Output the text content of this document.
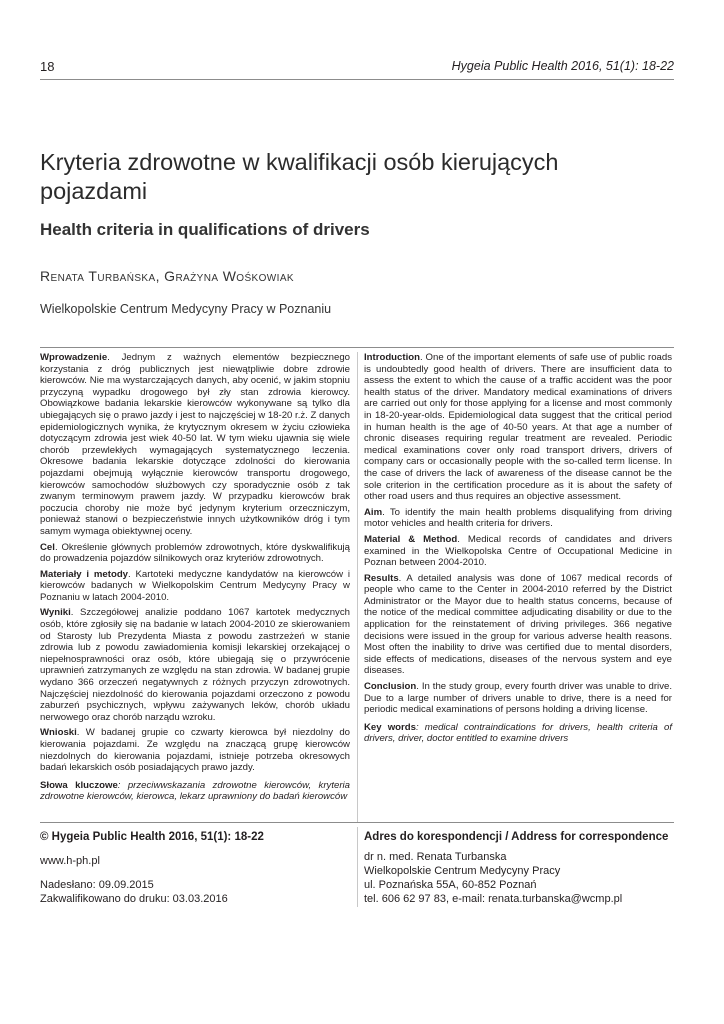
18	Hygeia Public Health 2016, 51(1): 18-22
Kryteria zdrowotne w kwalifikacji osób kierujących pojazdami
Health criteria in qualifications of drivers
Renata Turbańska, Grażyna Wośkowiak
Wielkopolskie Centrum Medycyny Pracy w Poznaniu

Wprowadzenie. Jednym z ważnych elementów bezpiecznego korzystania z dróg publicznych jest niewątpliwie dobre zdrowie kierowców. Nie ma wystarczających danych, aby ocenić, w jakim stopniu przyczyną wypadku drogowego był zły stan zdrowia kierowcy. Obowiązkowe badania lekarskie kierowców wykonywane są tylko dla ubiegających się o prawo jazdy i jest to najczęściej w 18-20 r.ż. Z danych epidemiologicznych wynika, że krytycznym okresem w życiu człowieka dotyczącym zdrowia jest wiek 40-50 lat. W tym wieku ujawnia się wiele chorób przewlekłych wymagających systematycznego leczenia. Okresowe badania lekarskie dotyczące zdolności do kierowania pojazdami obejmują wyłącznie kierowców transportu drogowego, kierowców samochodów służbowych czy sporadycznie osób z tak zwanym terminowym prawem jazdy. W przypadku kierowców brak poczucia choroby nie może być jedynym kryterium orzeczniczym, ponieważ stanowi o bezpieczeństwie innych użytkowników dróg i tym samym wymaga obiektywnej oceny.

Cel. Określenie głównych problemów zdrowotnych, które dyskwalifikują do prowadzenia pojazdów silnikowych oraz kryteriów zdrowotnych.

Materiały i metody. Kartoteki medyczne kandydatów na kierowców i kierowców badanych w Wielkopolskim Centrum Medycyny Pracy w Poznaniu w latach 2004-2010.

Wyniki. Szczegółowej analizie poddano 1067 kartotek medycznych osób, które zgłosiły się na badanie w latach 2004-2010 ze skierowaniem od Starosty lub Prezydenta Miasta z powodu zastrzeżeń w stanie zdrowia lub z powodu zawiadomienia komisji lekarskiej orzekającej o niepełnosprawności oraz osób, które ubiegają się o przywrócenie uprawnień zatrzymanych ze względu na stan zdrowia. W badanej grupie wydano 366 orzeczeń negatywnych z różnych przyczyn zdrowotnych. Najczęściej niezdolność do kierowania pojazdami orzeczono z powodu zaburzeń psychicznych, wpływu zażywanych leków, chorób układu nerwowego oraz chorób narządu wzroku.

Wnioski. W badanej grupie co czwarty kierowca był niezdolny do kierowania pojazdami. Ze względu na znaczącą grupę kierowców niezdolnych do kierowania pojazdami, istnieje potrzeba okresowych badań lekarskich osób posiadających prawo jazdy.

Słowa kluczowe: przeciwwskazania zdrowotne kierowców, kryteria zdrowotne kierowców, kierowca, lekarz uprawniony do badań kierowców

Introduction. One of the important elements of safe use of public roads is undoubtedly good health of drivers. There are insufficient data to assess the extent to which the cause of a traffic accident was the poor health status of the driver. Mandatory medical examinations of drivers are carried out only for those applying for a license and most commonly in 18-20-year-olds. Epidemiological data suggest that the critical period in human health is the age of 40-50 years. At that age a number of chronic diseases requiring regular treatment are revealed. Periodic medical examinations cover only road transport drivers, drivers of company cars or occasionally people with the so-called term license. In the case of drivers the lack of awareness of the disease cannot be the sole criterion in the certification procedure as it is about the safety of other road users and thus requires an objective assessment.

Aim. To identify the main health problems disqualifying from driving motor vehicles and health criteria for drivers.

Material & Method. Medical records of candidates and drivers examined in the Wielkopolska Centre of Occupational Medicine in Poznan between 2004-2010.

Results. A detailed analysis was done of 1067 medical records of people who came to the Center in 2004-2010 referred by the District Administrator or the Mayor due to health status concerns, because of the notice of the medical committee adjudicating disability or due to the application for the reinstatement of driving privileges. 366 negative decisions were issued in the group for various adverse health reasons. Most often the inability to drive was certified due to mental disorders, side effects of medications, diseases of the nervous system and eye diseases.

Conclusion. In the study group, every fourth driver was unable to drive. Due to a large number of drivers unable to drive, there is a need for periodic medical examinations of persons holding a driving license.

Key words: medical contraindications for drivers, health criteria of drivers, driver, doctor entitled to examine drivers

© Hygeia Public Health 2016, 51(1): 18-22
www.h-ph.pl
Nadesłano: 09.09.2015
Zakwalifikowano do druku: 03.03.2016
Adres do korespondencji / Address for correspondence
dr n. med. Renata Turbanska
Wielkopolskie Centrum Medycyny Pracy
ul. Poznańska 55A, 60-852 Poznań
tel. 606 62 97 83, e-mail: renata.turbanska@wcmp.pl
